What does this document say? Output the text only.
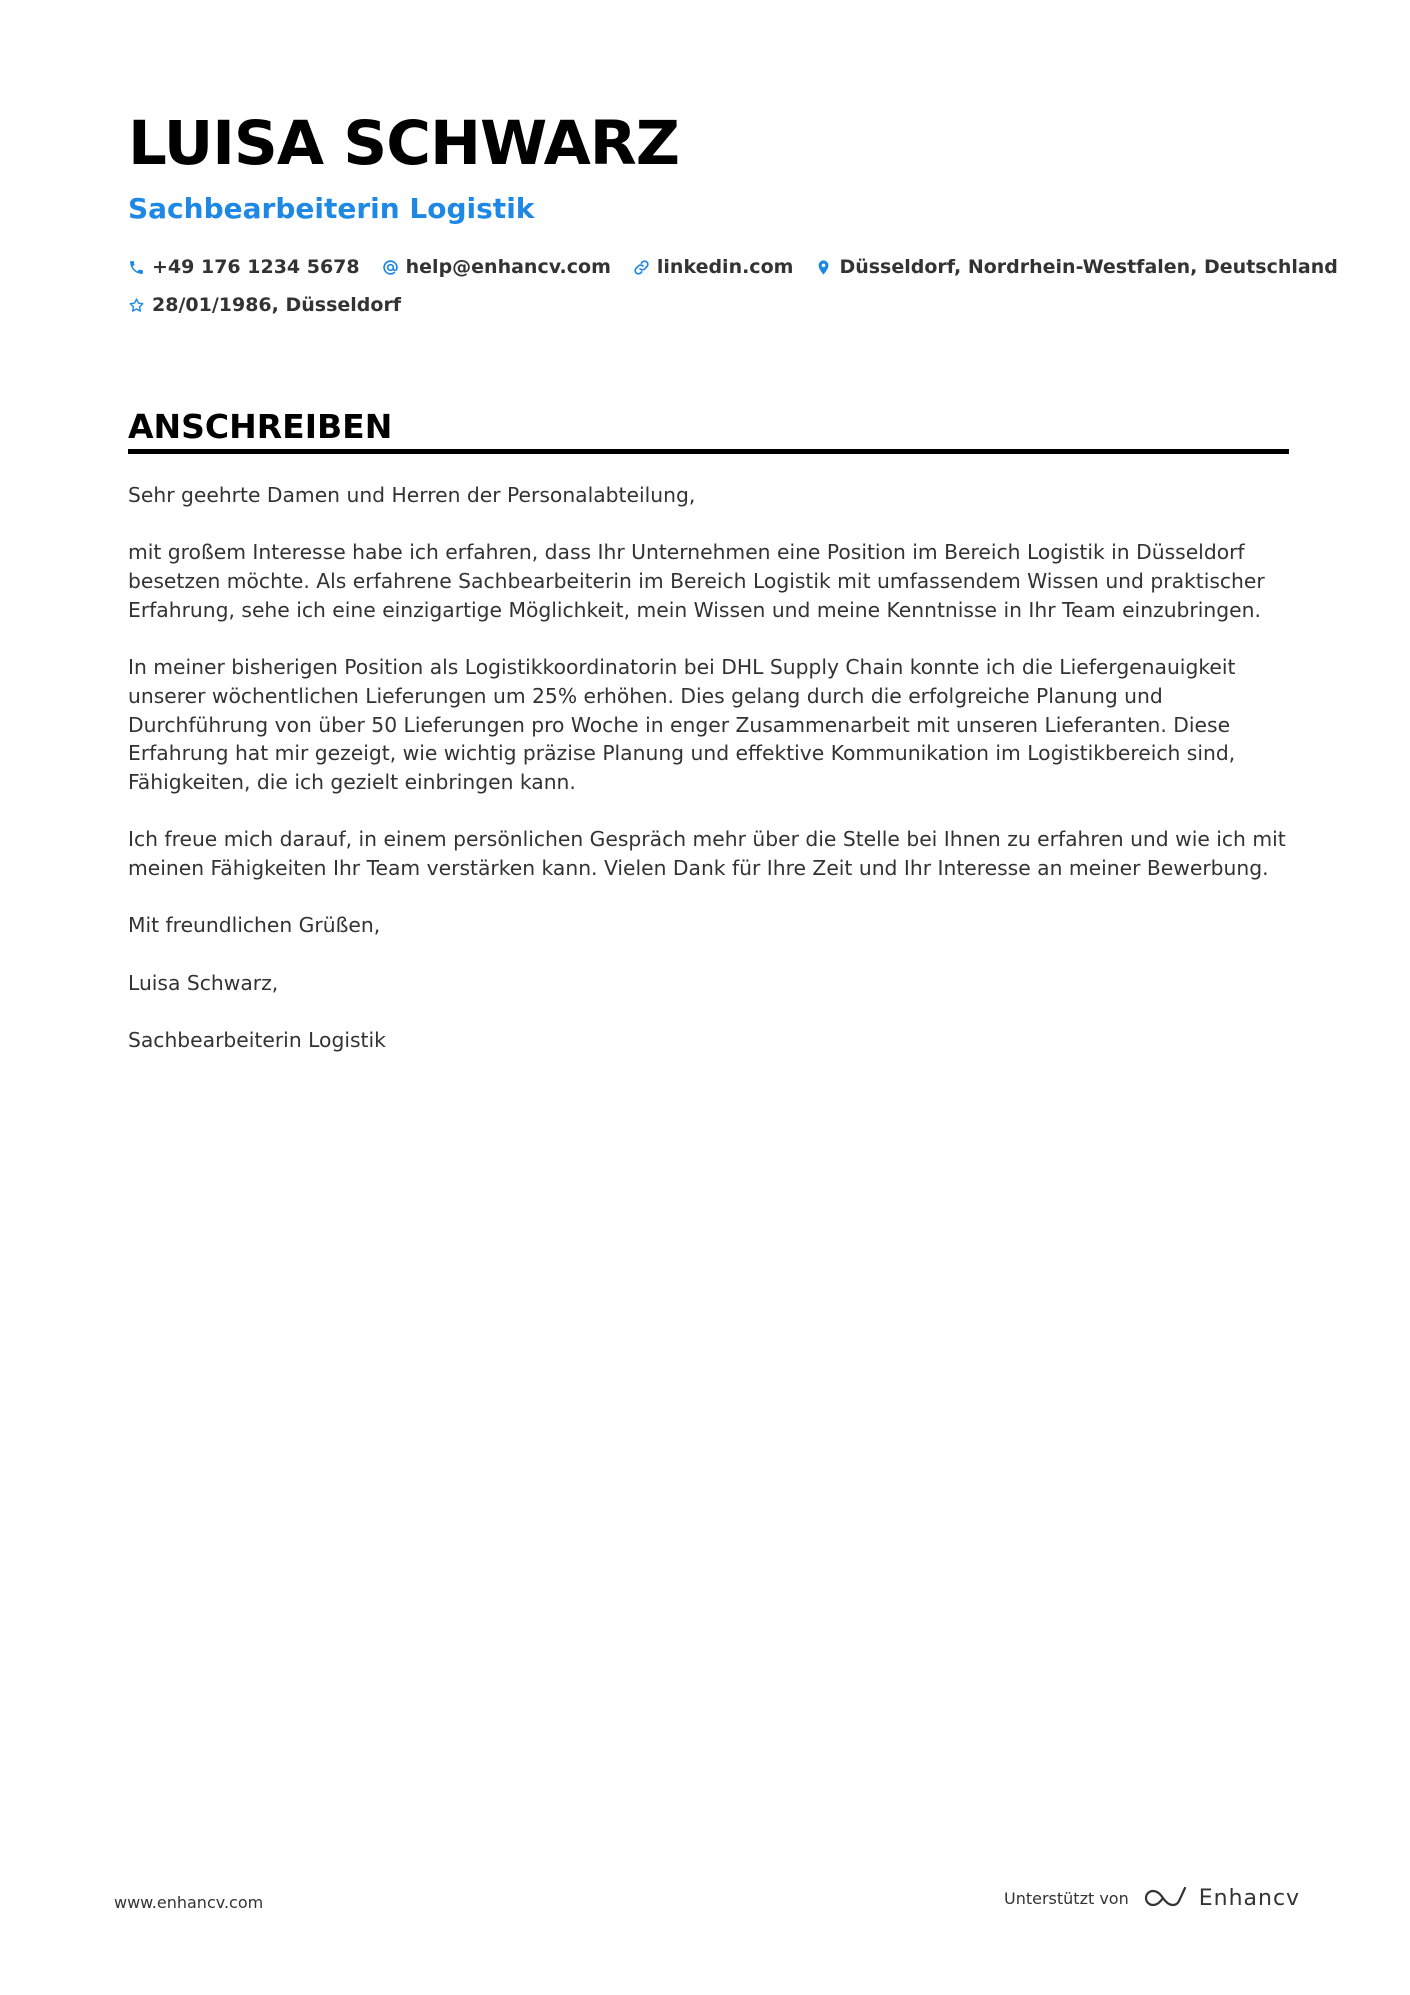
LUISA SCHWARZ
Sachbearbeiterin Logistik
+49 176 1234 5678 help@enhancv.com linkedin.com Düsseldorf, Nordrhein-Westfalen, Deutschland
28/01/1986, Düsseldorf
ANSCHREIBEN

Sehr geehrte Damen und Herren der Personalabteilung,

mit großem Interesse habe ich erfahren, dass Ihr Unternehmen eine Position im Bereich Logistik in Düsseldorf besetzen möchte. Als erfahrene Sachbearbeiterin im Bereich Logistik mit umfassendem Wissen und praktischer Erfahrung, sehe ich eine einzigartige Möglichkeit, mein Wissen und meine Kenntnisse in Ihr Team einzubringen.

In meiner bisherigen Position als Logistikkoordinatorin bei DHL Supply Chain konnte ich die Liefergenauigkeit unserer wöchentlichen Lieferungen um 25% erhöhen. Dies gelang durch die erfolgreiche Planung und Durchführung von über 50 Lieferungen pro Woche in enger Zusammenarbeit mit unseren Lieferanten. Diese Erfahrung hat mir gezeigt, wie wichtig präzise Planung und effektive Kommunikation im Logistikbereich sind, Fähigkeiten, die ich gezielt einbringen kann.

Ich freue mich darauf, in einem persönlichen Gespräch mehr über die Stelle bei Ihnen zu erfahren und wie ich mit meinen Fähigkeiten Ihr Team verstärken kann. Vielen Dank für Ihre Zeit und Ihr Interesse an meiner Bewerbung.

Mit freundlichen Grüßen,

Luisa Schwarz,

Sachbearbeiterin Logistik

www.enhancv.com	Unterstützt von	Enhancv
